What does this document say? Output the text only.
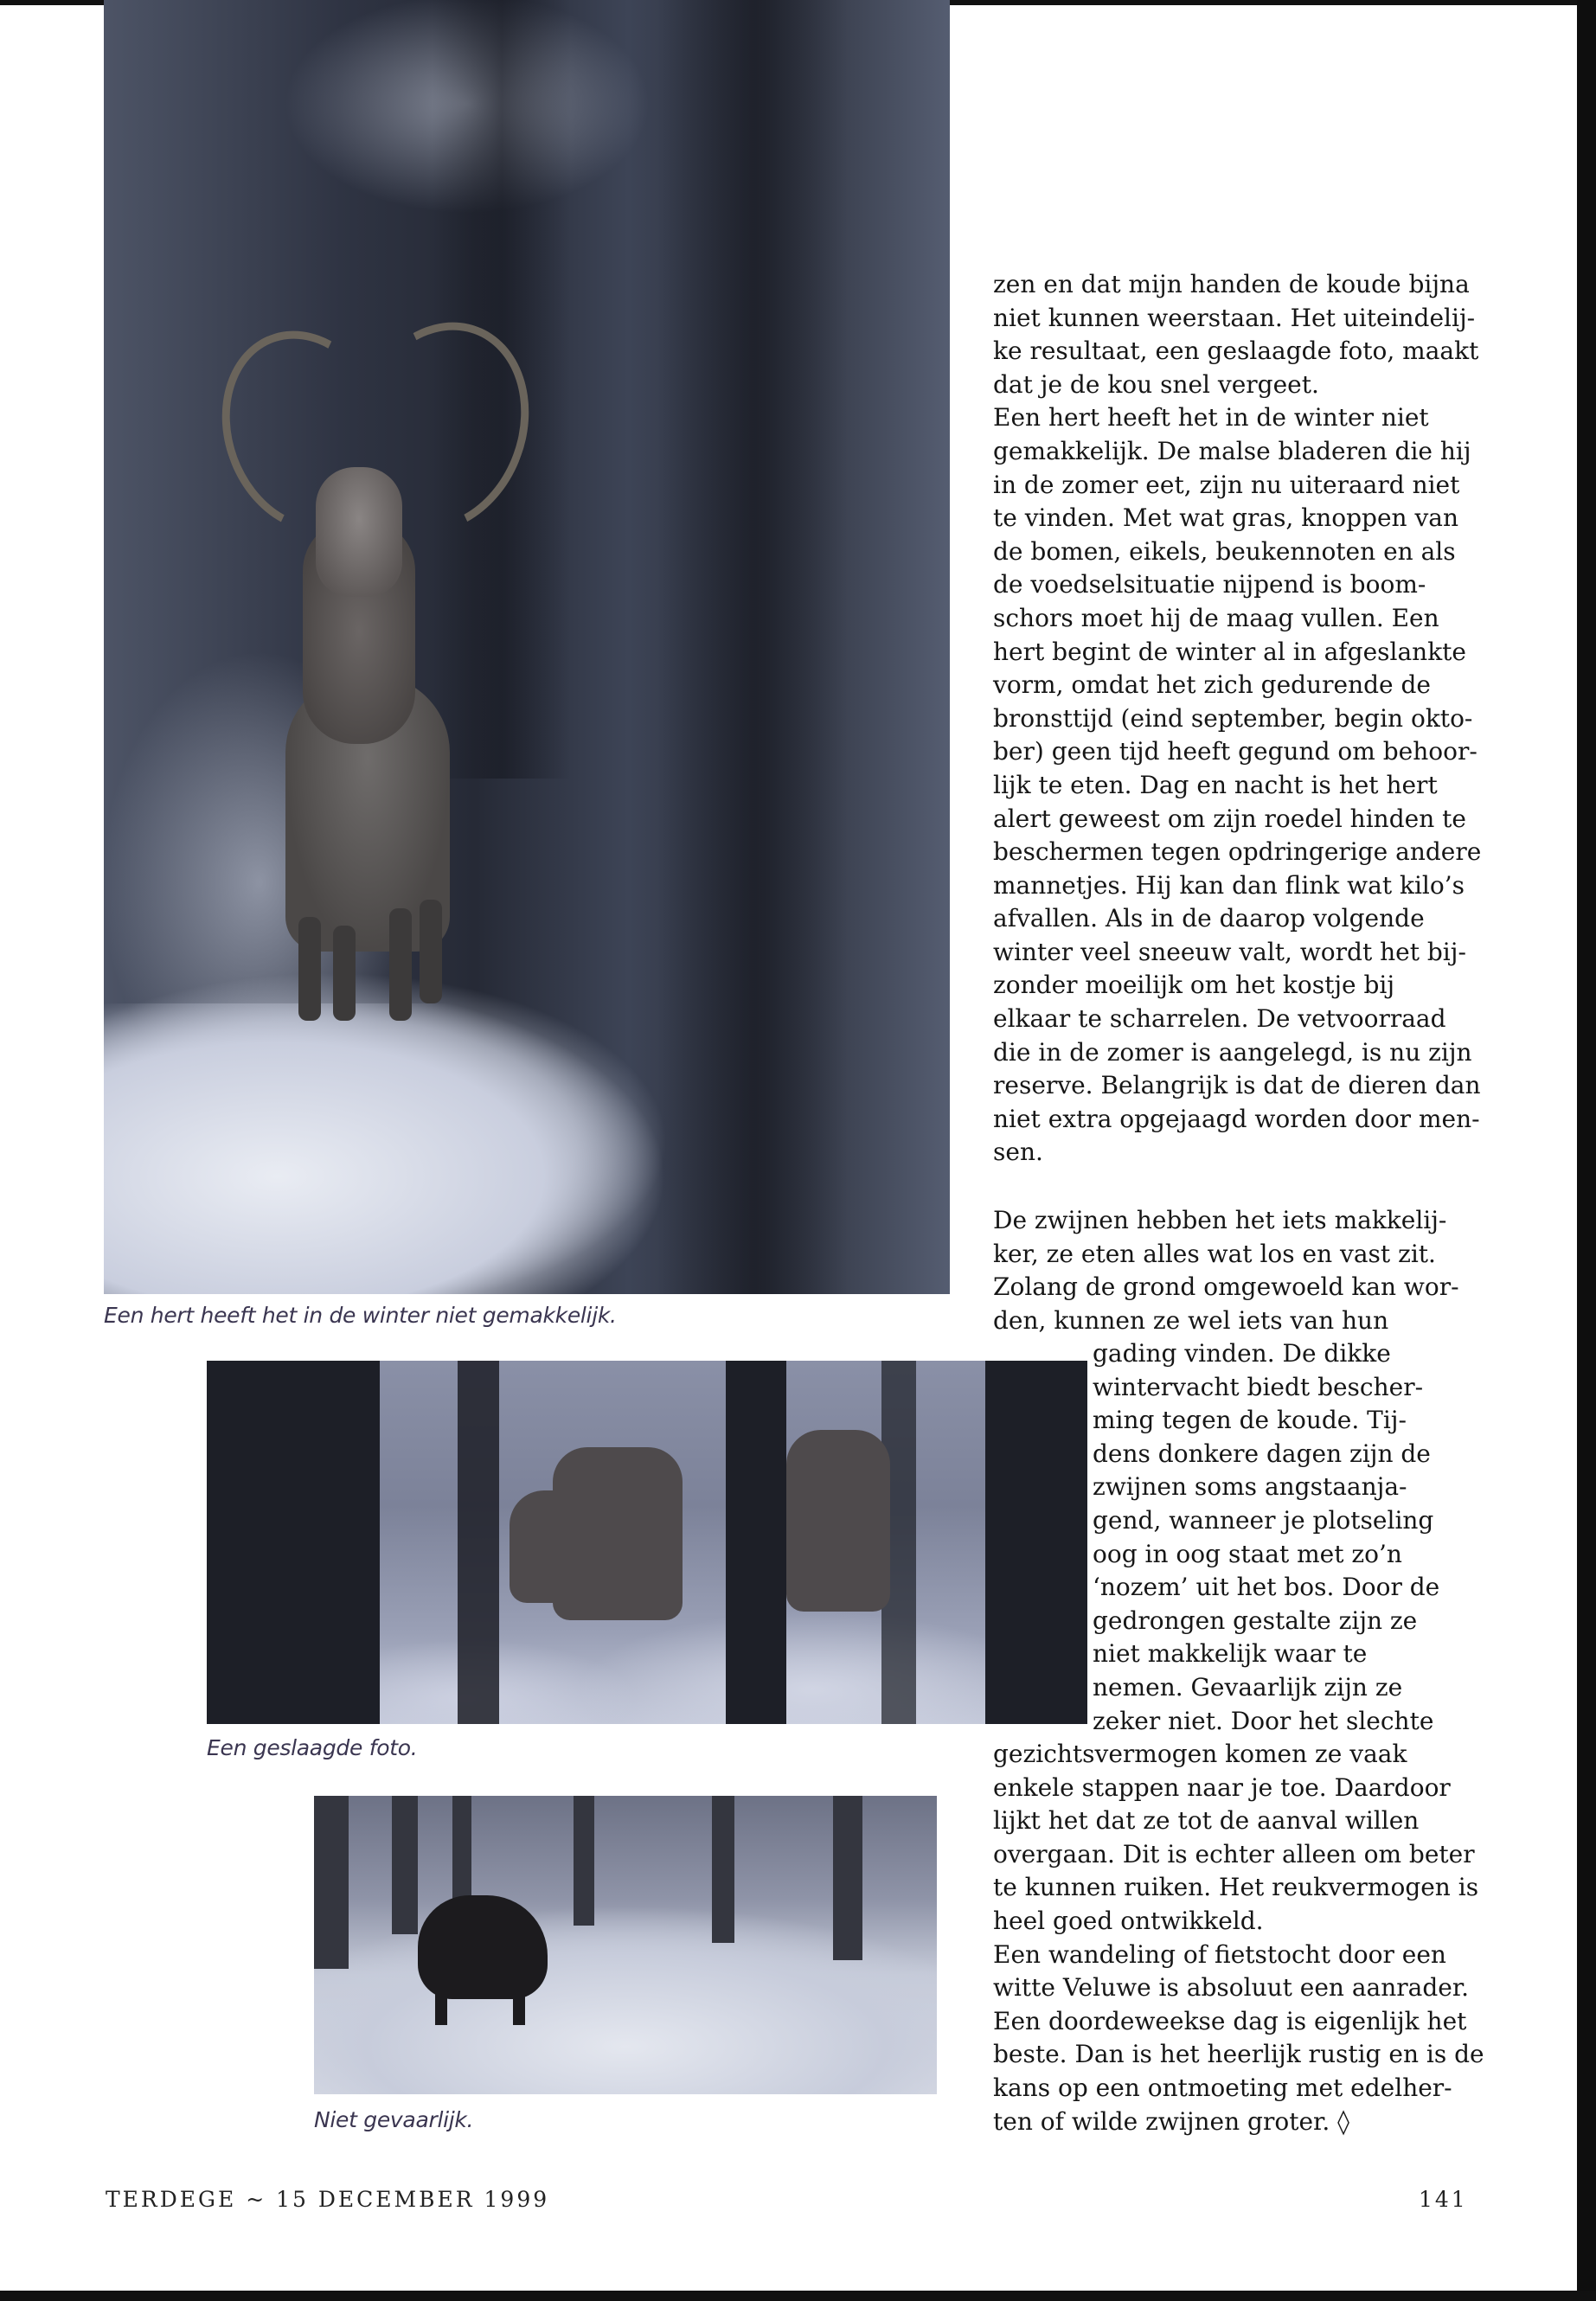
Een hert heeft het in de winter niet gemakkelijk.

Een geslaagde foto.

Niet gevaarlijk.

zen en dat mijn handen de koude bijna
niet kunnen weerstaan. Het uiteindelij-
ke resultaat, een geslaagde foto, maakt
dat je de kou snel vergeet.
Een hert heeft het in de winter niet
gemakkelijk. De malse bladeren die hij
in de zomer eet, zijn nu uiteraard niet
te vinden. Met wat gras, knoppen van
de bomen, eikels, beukennoten en als
de voedselsituatie nijpend is boom-
schors moet hij de maag vullen. Een
hert begint de winter al in afgeslankte
vorm, omdat het zich gedurende de
bronsttijd (eind september, begin okto-
ber) geen tijd heeft gegund om behoor-
lijk te eten. Dag en nacht is het hert
alert geweest om zijn roedel hinden te
beschermen tegen opdringerige andere
mannetjes. Hij kan dan flink wat kilo’s
afvallen. Als in de daarop volgende
winter veel sneeuw valt, wordt het bij-
zonder moeilijk om het kostje bij
elkaar te scharrelen. De vetvoorraad
die in de zomer is aangelegd, is nu zijn
reserve. Belangrijk is dat de dieren dan
niet extra opgejaagd worden door men-
sen.
De zwijnen hebben het iets makkelij-
ker, ze eten alles wat los en vast zit.
Zolang de grond omgewoeld kan wor-
den, kunnen ze wel iets van hun
gading vinden. De dikke
wintervacht biedt bescher-
ming tegen de koude. Tij-
dens donkere dagen zijn de
zwijnen soms angstaanja-
gend, wanneer je plotseling
oog in oog staat met zo’n
‘nozem’ uit het bos. Door de
gedrongen gestalte zijn ze
niet makkelijk waar te
nemen. Gevaarlijk zijn ze
zeker niet. Door het slechte
gezichtsvermogen komen ze vaak
enkele stappen naar je toe. Daardoor
lijkt het dat ze tot de aanval willen
overgaan. Dit is echter alleen om beter
te kunnen ruiken. Het reukvermogen is
heel goed ontwikkeld.
Een wandeling of fietstocht door een
witte Veluwe is absoluut een aanrader.
Een doordeweekse dag is eigenlijk het
beste. Dan is het heerlijk rustig en is de
kans op een ontmoeting met edelher-
ten of wilde zwijnen groter. ◊

TERDEGE ~ 15 DECEMBER 1999	141
